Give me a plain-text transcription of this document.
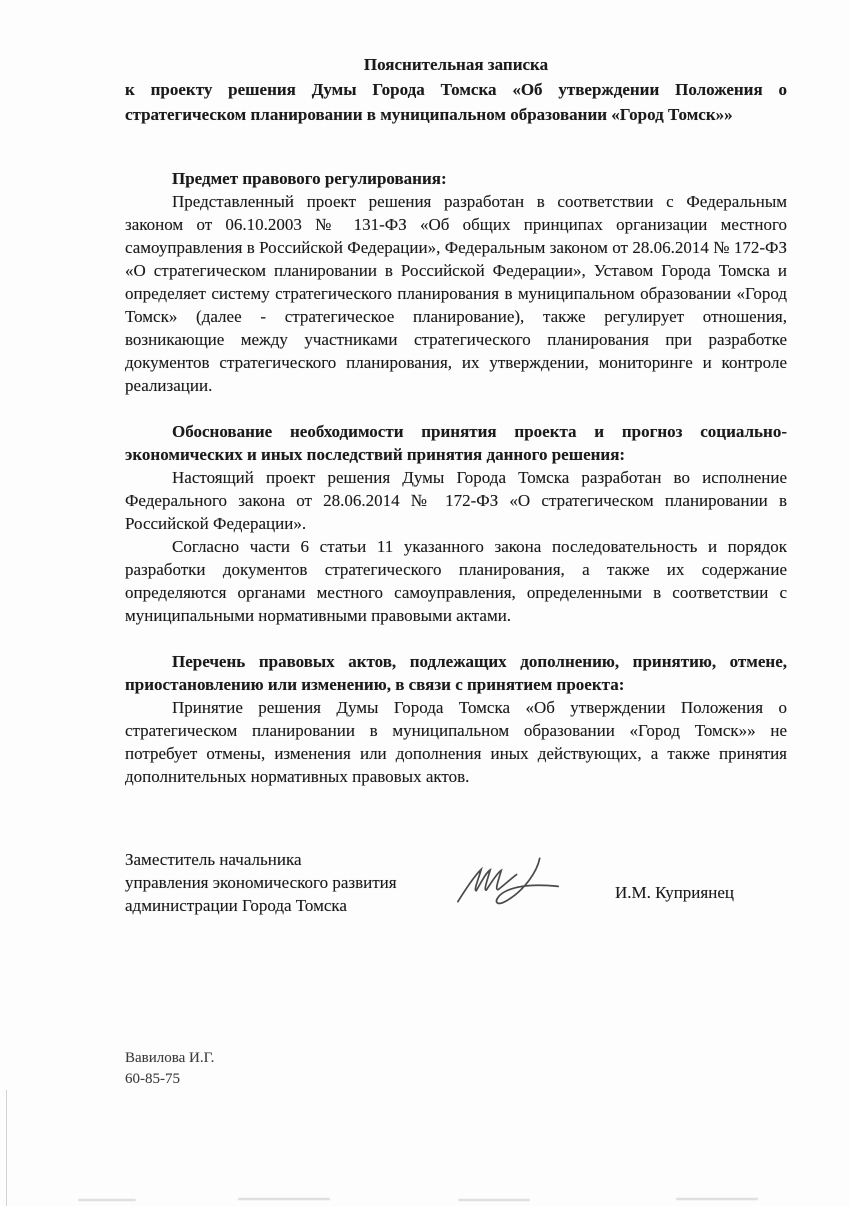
Пояснительная записка
к проекту решения Думы Города Томска «Об утверждении Положения о стратегическом планировании в муниципальном образовании «Город Томск»»
Предмет правового регулирования:

Представленный проект решения разработан в соответствии с Федеральным законом от 06.10.2003 № 131-ФЗ «Об общих принципах организации местного самоуправления в Российской Федерации», Федеральным законом от 28.06.2014 № 172-ФЗ «О стратегическом планировании в Российской Федерации», Уставом Города Томска и определяет систему стратегического планирования в муниципальном образовании «Город Томск» (далее - стратегическое планирование), также регулирует отношения, возникающие между участниками стратегического планирования при разработке документов стратегического планирования, их утверждении, мониторинге и контроле реализации.

Обоснование необходимости принятия проекта и прогноз социально-экономических и иных последствий принятия данного решения:

Настоящий проект решения Думы Города Томска разработан во исполнение Федерального закона от 28.06.2014 № 172-ФЗ «О стратегическом планировании в Российской Федерации».

Согласно части 6 статьи 11 указанного закона последовательность и порядок разработки документов стратегического планирования, а также их содержание определяются органами местного самоуправления, определенными в соответствии с муниципальными нормативными правовыми актами.

Перечень правовых актов, подлежащих дополнению, принятию, отмене, приостановлению или изменению, в связи с принятием проекта:

Принятие решения Думы Города Томска «Об утверждении Положения о стратегическом планировании в муниципальном образовании «Город Томск»» не потребует отмены, изменения или дополнения иных действующих, а также принятия дополнительных нормативных правовых актов.

Заместитель начальника
управления экономического развития
администрации Города Томска
И.М. Куприянец
Вавилова И.Г.
60-85-75
